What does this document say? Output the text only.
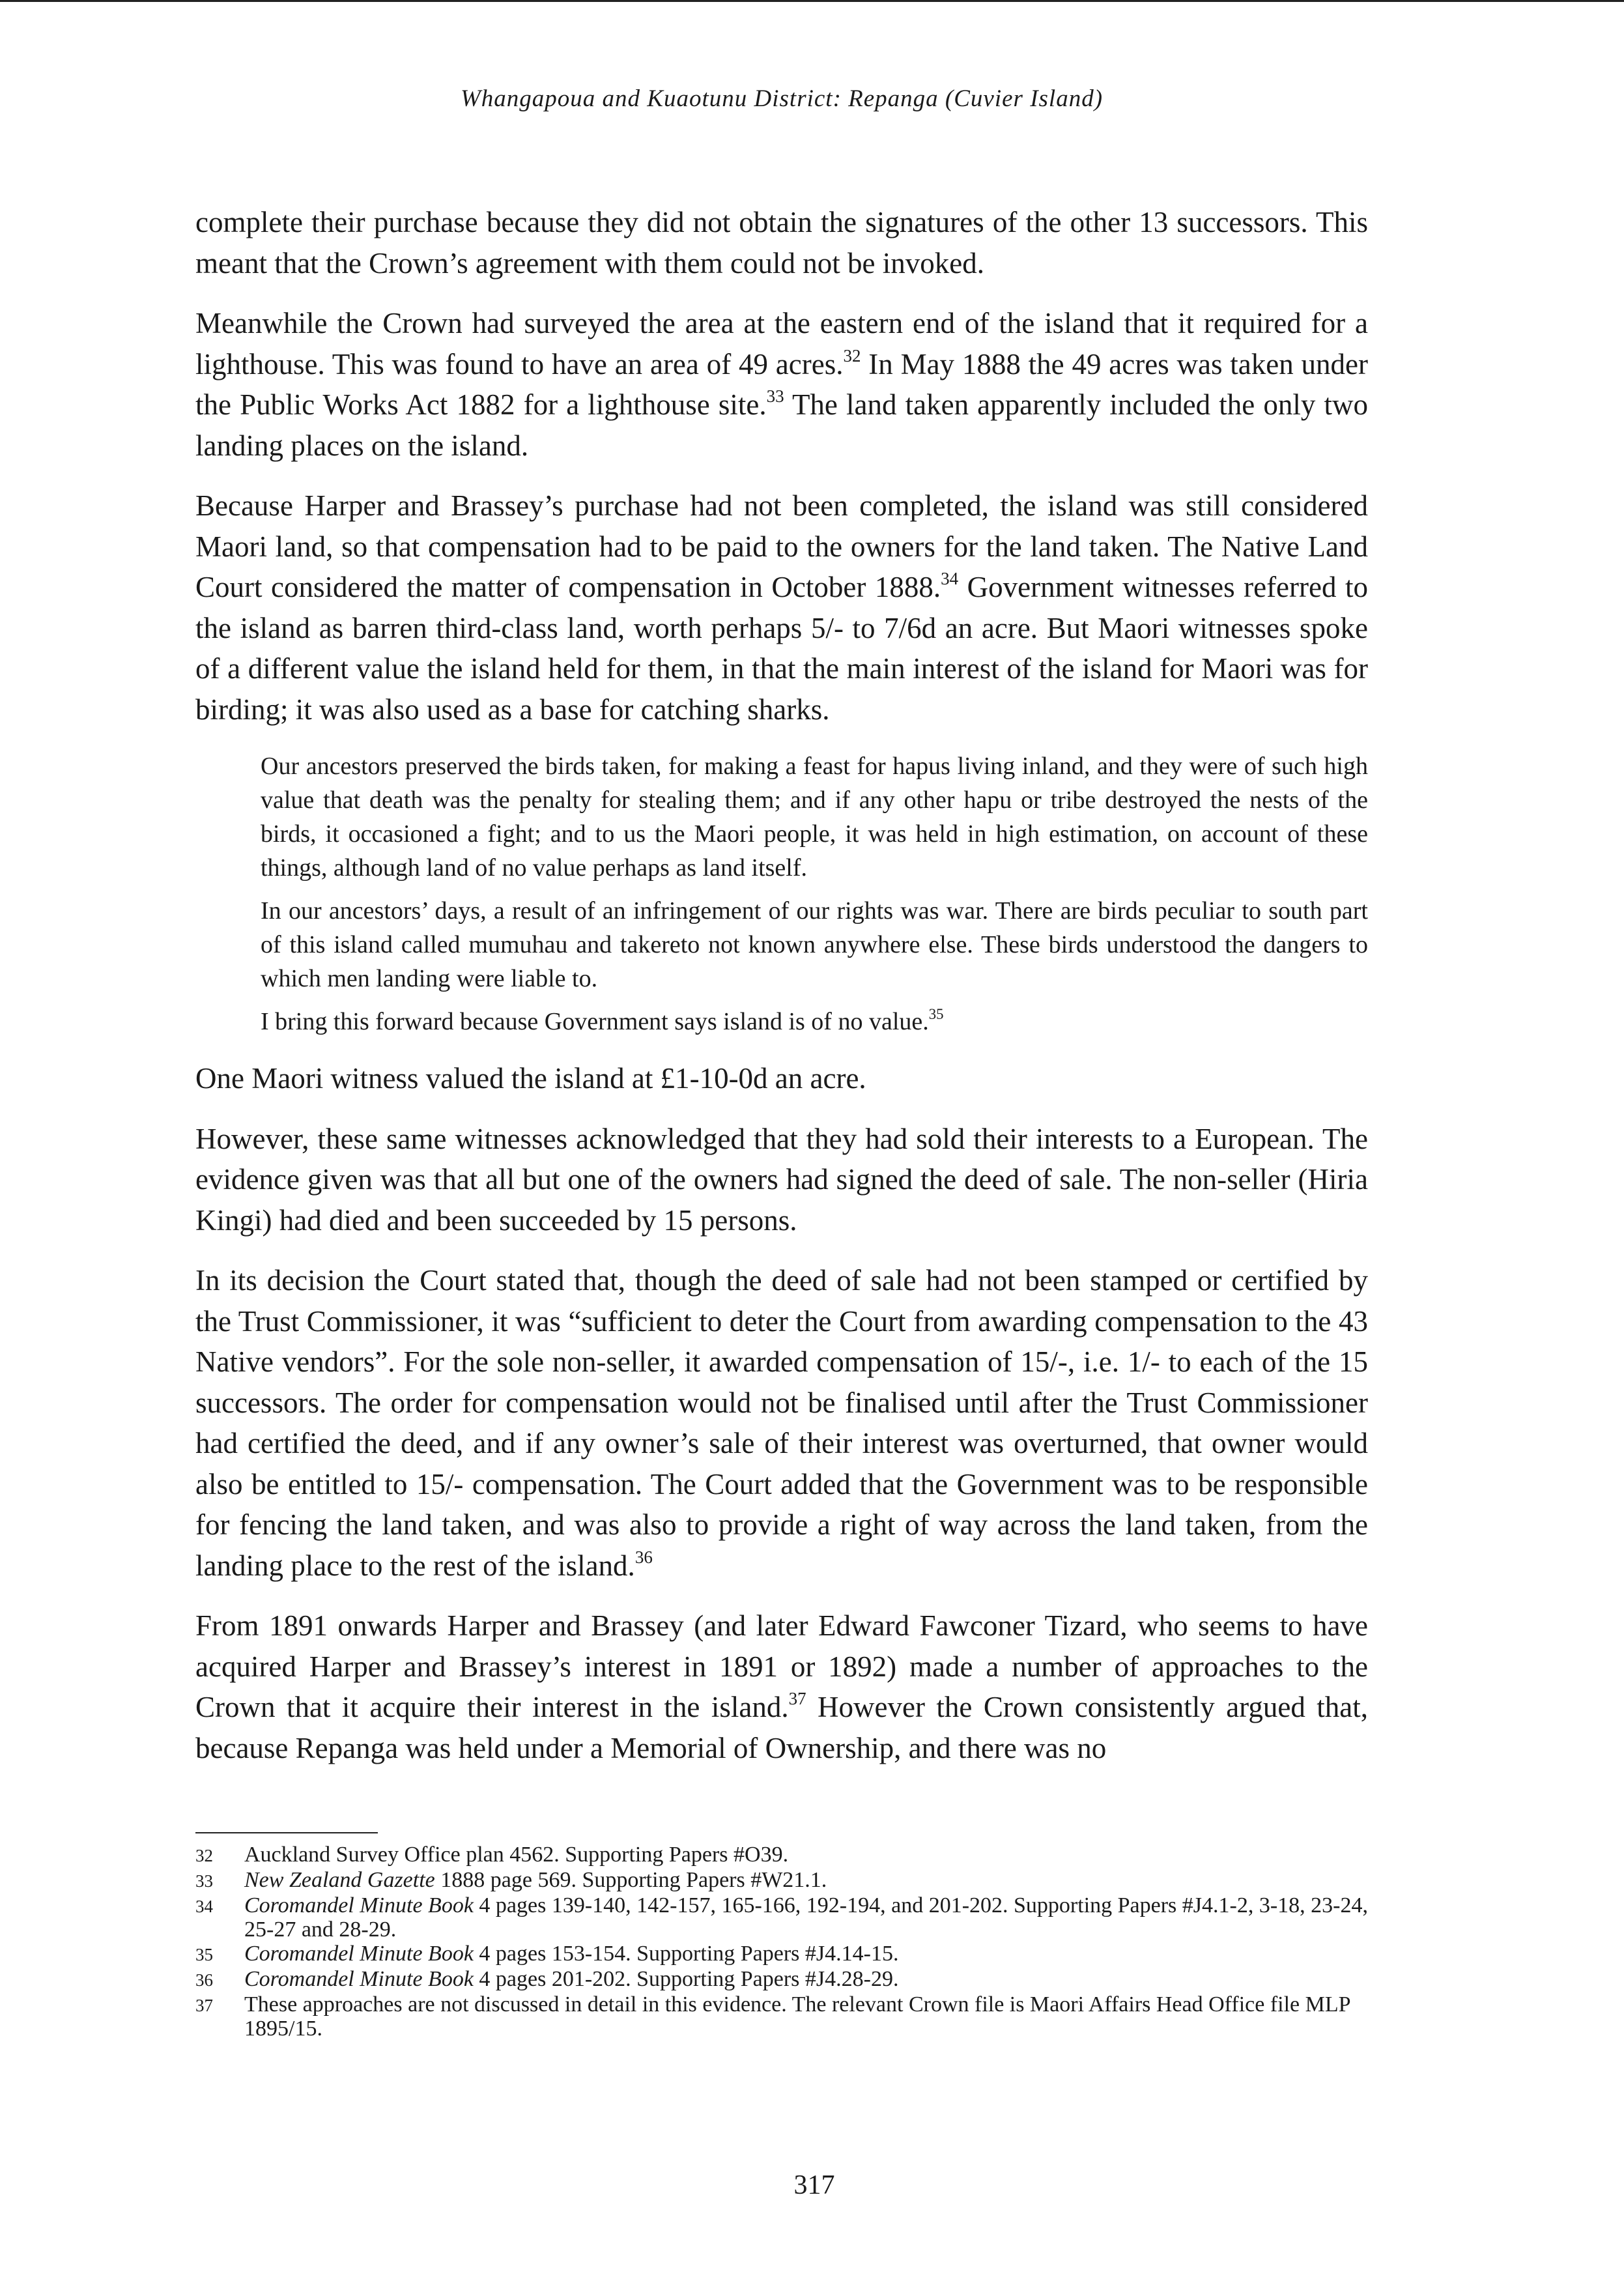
Whangapoua and Kuaotunu District: Repanga (Cuvier Island)

complete their purchase because they did not obtain the signatures of the other 13 successors. This meant that the Crown’s agreement with them could not be invoked.

Meanwhile the Crown had surveyed the area at the eastern end of the island that it required for a lighthouse. This was found to have an area of 49 acres.$^{32}$ In May 1888 the 49 acres was taken under the Public Works Act 1882 for a lighthouse site.$^{33}$ The land taken apparently included the only two landing places on the island.

Because Harper and Brassey’s purchase had not been completed, the island was still considered Maori land, so that compensation had to be paid to the owners for the land taken. The Native Land Court considered the matter of compensation in October 1888.34 Government witnesses referred to the island as barren third-class land, worth perhaps 5/- to 7/6d an acre. But Maori witnesses spoke of a different value the island held for them, in that the main interest of the island for Maori was for birding; it was also used as a base for catching sharks.

Our ancestors preserved the birds taken, for making a feast for hapus living inland, and they were of such high value that death was the penalty for stealing them; and if any other hapu or tribe destroyed the nests of the birds, it occasioned a fight; and to us the Maori people, it was held in high estimation, on account of these things, although land of no value perhaps as land itself.

In our ancestors’ days, a result of an infringement of our rights was war. There are birds peculiar to south part of this island called mumuhau and takereto not known anywhere else. These birds understood the dangers to which men landing were liable to.

I bring this forward because Government says island is of no value.$^{35}$

One Maori witness valued the island at £1-10-0d an acre.

However, these same witnesses acknowledged that they had sold their interests to a European. The evidence given was that all but one of the owners had signed the deed of sale. The non-seller (Hiria Kingi) had died and been succeeded by 15 persons.

In its decision the Court stated that, though the deed of sale had not been stamped or certified by the Trust Commissioner, it was “sufficient to deter the Court from awarding compensation to the 43 Native vendors”. For the sole non-seller, it awarded compensation of 15/-, i.e. 1/- to each of the 15 successors. The order for compensation would not be finalised until after the Trust Commissioner had certified the deed, and if any owner’s sale of their interest was overturned, that owner would also be entitled to 15/- compensation. The Court added that the Government was to be responsible for fencing the land taken, and was also to provide a right of way across the land taken, from the landing place to the rest of the island.$^{36}$

From 1891 onwards Harper and Brassey (and later Edward Fawconer Tizard, who seems to have acquired Harper and Brassey’s interest in 1891 or 1892) made a number of approaches to the Crown that it acquire their interest in the island.$^{37}$ However the Crown consistently argued that, because Repanga was held under a Memorial of Ownership, and there was no

32	Auckland Survey Office plan 4562. Supporting Papers #O39.
33	New Zealand Gazette 1888 page 569. Supporting Papers #W21.1.
34	Coromandel Minute Book 4 pages 139-140, 142-157, 165-166, 192-194, and 201-202. Supporting Papers #J4.1-2, 3-18, 23-24, 25-27 and 28-29.
35	Coromandel Minute Book 4 pages 153-154. Supporting Papers #J4.14-15.
36	Coromandel Minute Book 4 pages 201-202. Supporting Papers #J4.28-29.
37	These approaches are not discussed in detail in this evidence. The relevant Crown file is Maori Affairs Head Office file MLP 1895/15.
317
